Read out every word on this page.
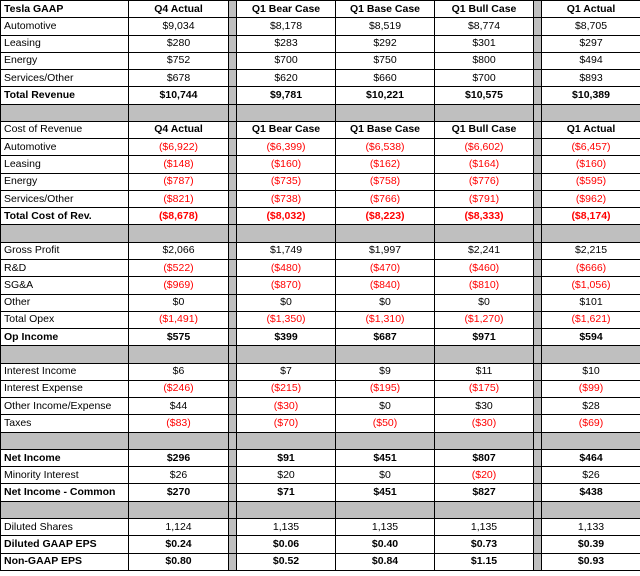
Tesla GAAP	Q4 Actual		Q1 Bear Case	Q1 Base Case	Q1 Bull Case		Q1 Actual
Automotive	$9,034		$8,178	$8,519	$8,774		$8,705
Leasing	$280		$283	$292	$301		$297
Energy	$752		$700	$750	$800		$494
Services/Other	$678		$620	$660	$700		$893
Total Revenue	$10,744		$9,781	$10,221	$10,575		$10,389

Cost of Revenue	Q4 Actual		Q1 Bear Case	Q1 Base Case	Q1 Bull Case		Q1 Actual
Automotive	($6,922)		($6,399)	($6,538)	($6,602)		($6,457)
Leasing	($148)		($160)	($162)	($164)		($160)
Energy	($787)		($735)	($758)	($776)		($595)
Services/Other	($821)		($738)	($766)	($791)		($962)
Total Cost of Rev.	($8,678)		($8,032)	($8,223)	($8,333)		($8,174)

Gross Profit	$2,066		$1,749	$1,997	$2,241		$2,215
R&D	($522)		($480)	($470)	($460)		($666)
SG&A	($969)		($870)	($840)	($810)		($1,056)
Other	$0		$0	$0	$0		$101
Total Opex	($1,491)		($1,350)	($1,310)	($1,270)		($1,621)
Op Income	$575		$399	$687	$971		$594

Interest Income	$6		$7	$9	$11		$10
Interest Expense	($246)		($215)	($195)	($175)		($99)
Other Income/Expense	$44		($30)	$0	$30		$28
Taxes	($83)		($70)	($50)	($30)		($69)

Net Income	$296		$91	$451	$807		$464
Minority Interest	$26		$20	$0	($20)		$26
Net Income - Common	$270		$71	$451	$827		$438

Diluted Shares	1,124		1,135	1,135	1,135		1,133
Diluted GAAP EPS	$0.24		$0.06	$0.40	$0.73		$0.39
Non-GAAP EPS	$0.80		$0.52	$0.84	$1.15		$0.93
